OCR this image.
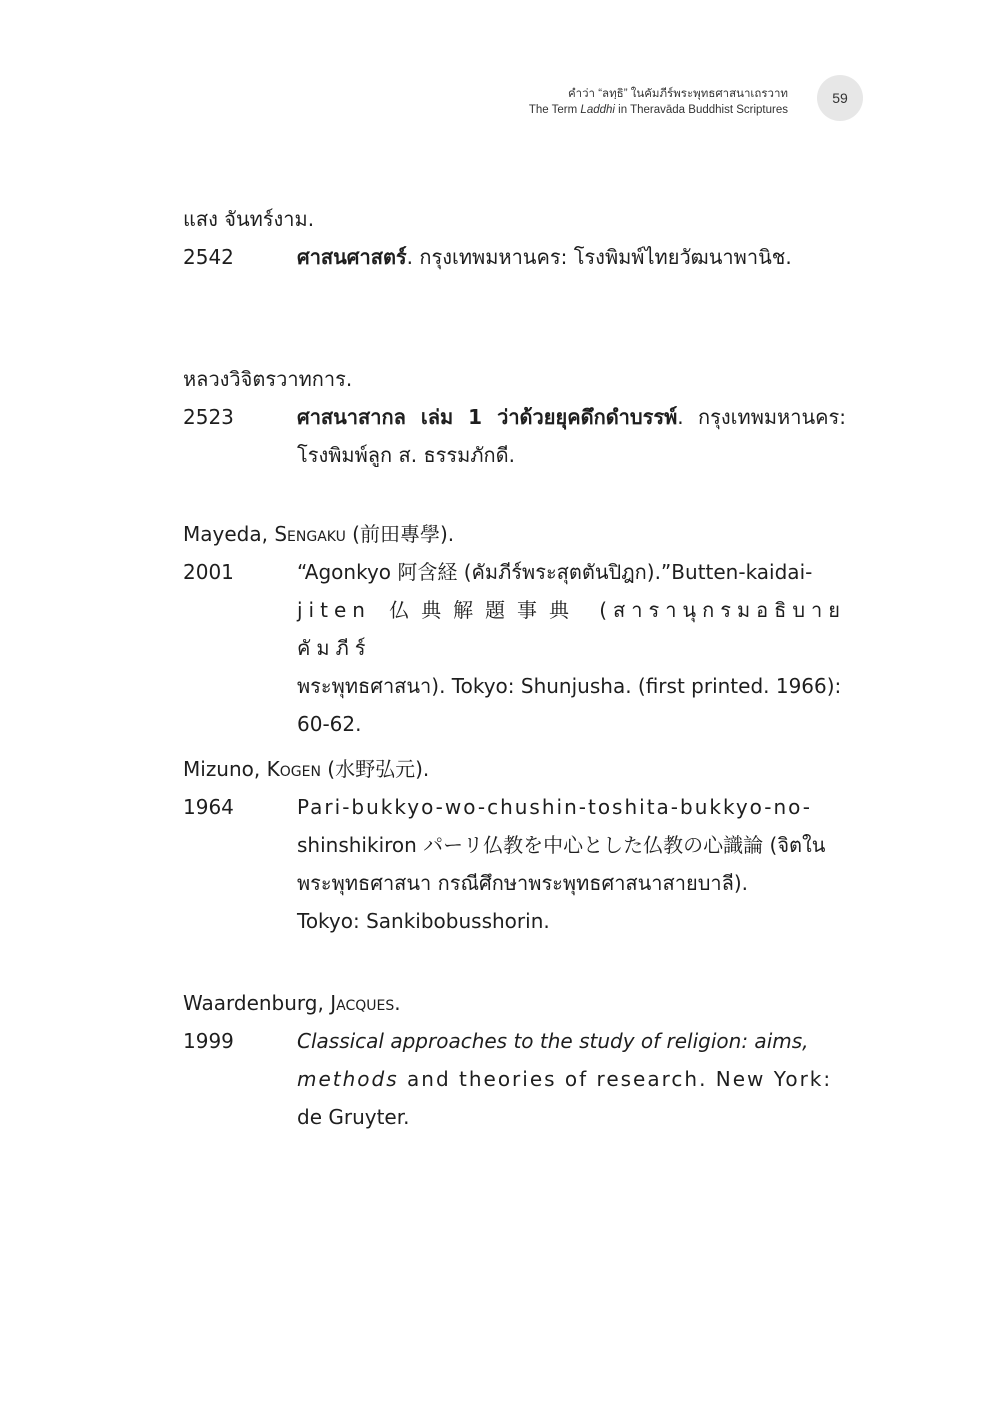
คำว่า “ลทฺธิ” ในคัมภีร์พระพุทธศาสนาเถรวาท
The Term Laddhi in Theravāda Buddhist Scriptures
59
แสง จันทร์งาม.
2542	ศาสนศาสตร์. กรุงเทพมหานคร: โรงพิมพ์ไทยวัฒนาพานิช.
หลวงวิจิตรวาทการ.
2523	ศาสนาสากล เล่ม 1 ว่าด้วยยุคดึกดำบรรพ์. กรุงเทพมหานคร: โรงพิมพ์ลูก ส. ธรรมภักดี.
Mayeda, Sengaku (前田專學).
2001	“Agonkyo 阿含経 (คัมภีร์พระสุตตันปิฎก).”Butten-kaidai-
jiten 仏典解題事典 (สารานุกรมอธิบายคัมภีร์
พระพุทธศาสนา). Tokyo: Shunjusha. (first printed. 1966):
60-62.
Mizuno, Kogen (水野弘元).
1964	Pari-bukkyo-wo-chushin-toshita-bukkyo-no-
shinshikiron パーリ仏教を中心とした仏教の心識論 (จิตใน
พระพุทธศาสนา กรณีศึกษาพระพุทธศาสนาสายบาลี).
Tokyo: Sankibobusshorin.
Waardenburg, Jacques.
1999	Classical approaches to the study of religion: aims,
methods and theories of research. New York:
de Gruyter.
